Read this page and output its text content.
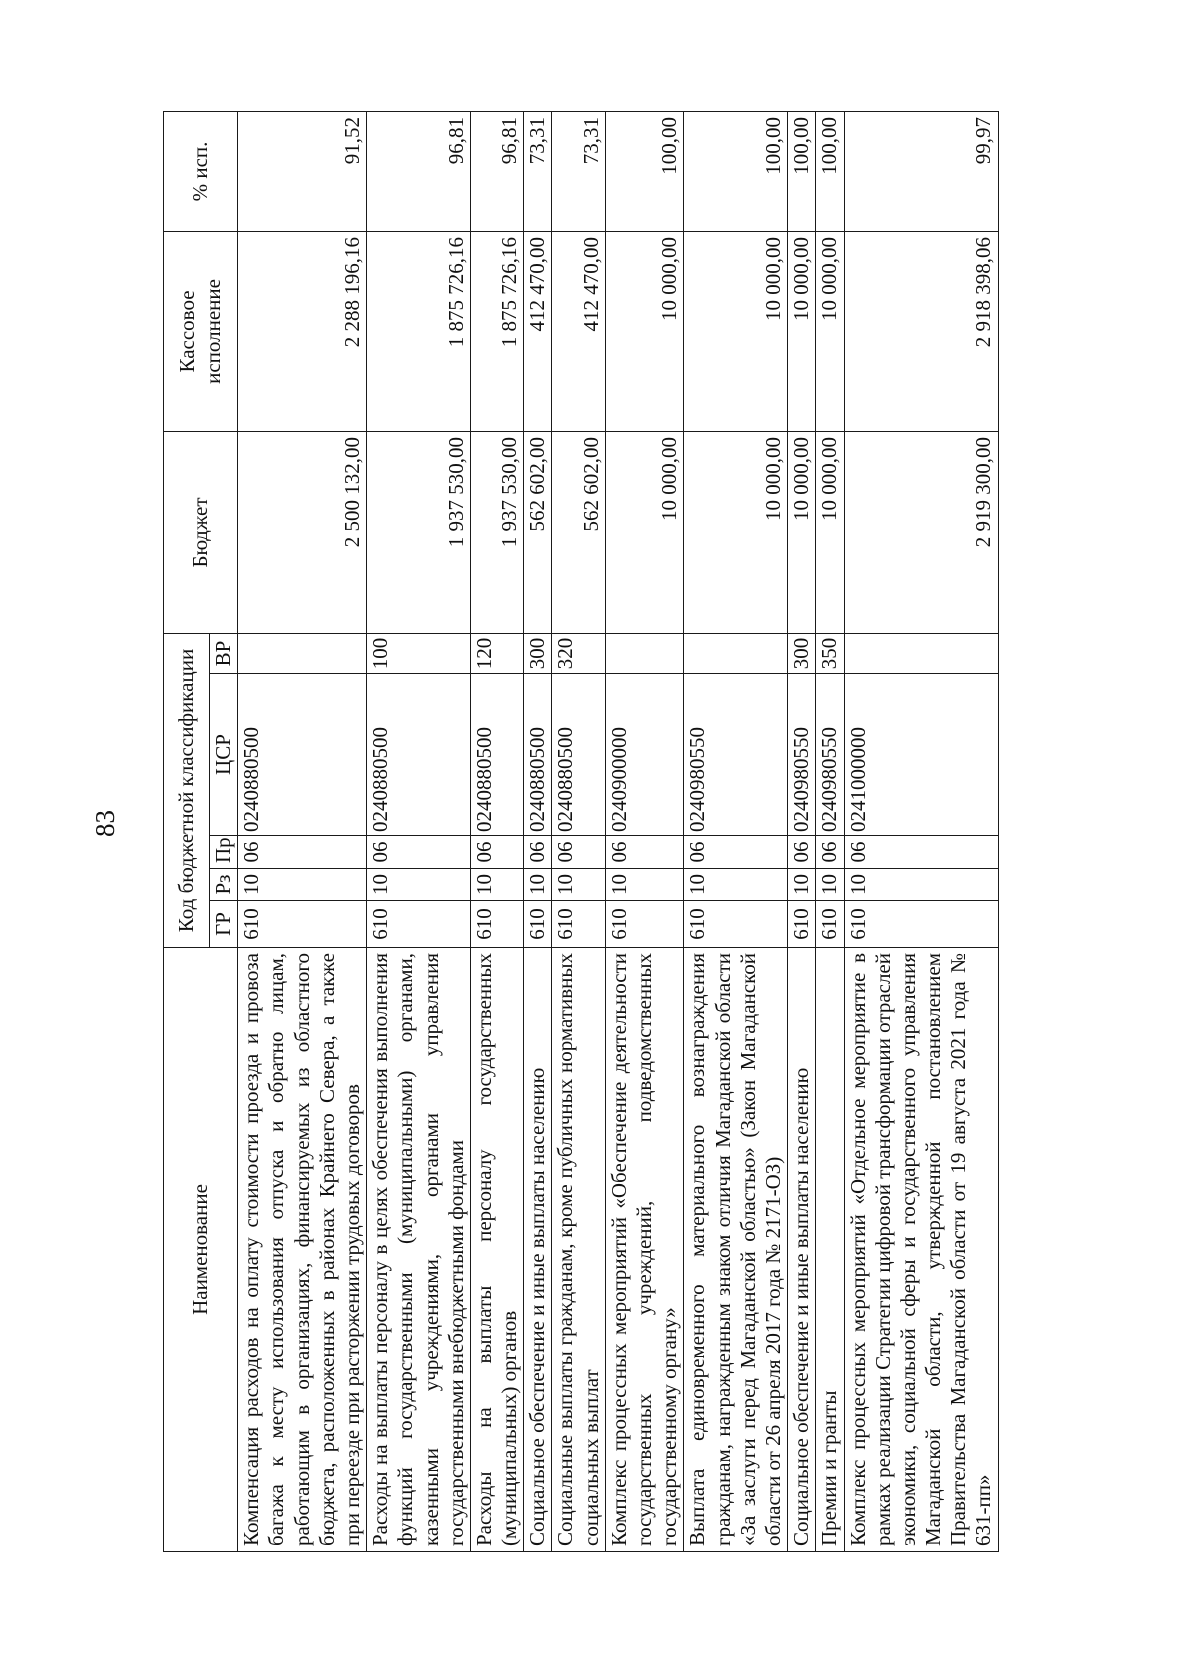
83
Наименование	Код бюджетной классификации					Бюджет	Кассовое исполнение	% исп.
	ГР	Рз	Пр	ЦСР	ВР			
Компенсация расходов на оплату стоимости проезда и провоза багажа к месту использования отпуска и обратно лицам, работающим в организациях, финансируемых из областного бюджета, расположенных в районах Крайнего Севера, а также при переезде при расторжении трудовых договоров	610	10	06	0240880500		2 500 132,00	2 288 196,16	91,52
Расходы на выплаты персоналу в целях обеспечения выполнения функций государственными (муниципальными) органами, казенными учреждениями, органами управления государственными внебюджетными фондами	610	10	06	0240880500	100	1 937 530,00	1 875 726,16	96,81
Расходы на выплаты персоналу государственных (муниципальных) органов	610	10	06	0240880500	120	1 937 530,00	1 875 726,16	96,81
Социальное обеспечение и иные выплаты населению	610	10	06	0240880500	300	562 602,00	412 470,00	73,31
Социальные выплаты гражданам, кроме публичных нормативных социальных выплат	610	10	06	0240880500	320	562 602,00	412 470,00	73,31
Комплекс процессных мероприятий «Обеспечение деятельности государственных учреждений, подведомственных государственному органу»	610	10	06	0240900000		10 000,00	10 000,00	100,00
Выплата единовременного материального вознаграждения гражданам, награжденным знаком отличия Магаданской области «За заслуги перед Магаданской областью» (Закон Магаданской области от 26 апреля 2017 года № 2171-ОЗ)	610	10	06	0240980550		10 000,00	10 000,00	100,00
Социальное обеспечение и иные выплаты населению	610	10	06	0240980550	300	10 000,00	10 000,00	100,00
Премии и гранты	610	10	06	0240980550	350	10 000,00	10 000,00	100,00
Комплекс процессных мероприятий «Отдельное мероприятие в рамках реализации Стратегии цифровой трансформации отраслей экономики, социальной сферы и государственного управления Магаданской области, утвержденной постановлением Правительства Магаданской области от 19 августа 2021 года № 631-пп»	610	10	06	0241000000		2 919 300,00	2 918 398,06	99,97
